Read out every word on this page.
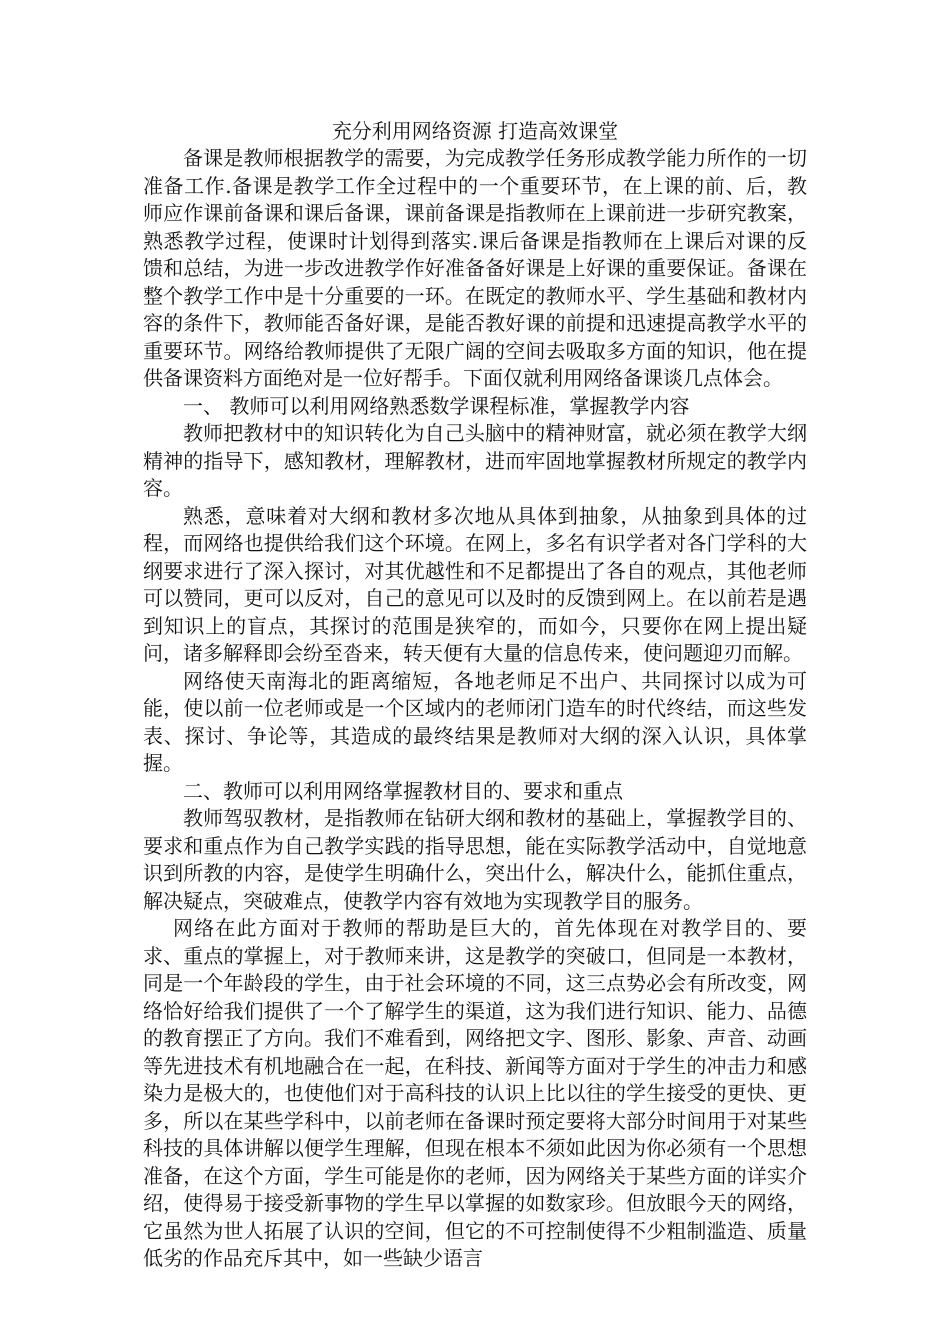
充分利用网络资源 打造高效课堂

备课是教师根据教学的需要，为完成教学任务形成教学能力所作的一切准备工作.备课是教学工作全过程中的一个重要环节，在上课的前、后，教师应作课前备课和课后备课，课前备课是指教师在上课前进一步研究教案，熟悉教学过程，使课时计划得到落实.课后备课是指教师在上课后对课的反馈和总结，为进一步改进教学作好准备备好课是上好课的重要保证。备课在整个教学工作中是十分重要的一环。在既定的教师水平、学生基础和教材内容的条件下，教师能否备好课，是能否教好课的前提和迅速提高教学水平的重要环节。网络给教师提供了无限广阔的空间去吸取多方面的知识，他在提供备课资料方面绝对是一位好帮手。下面仅就利用网络备课谈几点体会。

一、 教师可以利用网络熟悉数学课程标准，掌握教学内容

教师把教材中的知识转化为自己头脑中的精神财富，就必须在教学大纲精神的指导下，感知教材，理解教材，进而牢固地掌握教材所规定的教学内容。

熟悉，意味着对大纲和教材多次地从具体到抽象，从抽象到具体的过程，而网络也提供给我们这个环境。在网上，多名有识学者对各门学科的大纲要求进行了深入探讨，对其优越性和不足都提出了各自的观点，其他老师可以赞同，更可以反对，自己的意见可以及时的反馈到网上。在以前若是遇到知识上的盲点，其探讨的范围是狭窄的，而如今，只要你在网上提出疑问，诸多解释即会纷至沓来，转天便有大量的信息传来，使问题迎刃而解。

网络使天南海北的距离缩短，各地老师足不出户、共同探讨以成为可能，使以前一位老师或是一个区域内的老师闭门造车的时代终结，而这些发表、探讨、争论等，其造成的最终结果是教师对大纲的深入认识，具体掌握。

二、教师可以利用网络掌握教材目的、要求和重点

教师驾驭教材，是指教师在钻研大纲和教材的基础上，掌握教学目的、要求和重点作为自己教学实践的指导思想，能在实际教学活动中，自觉地意识到所教的内容，是使学生明确什么，突出什么，解决什么，能抓住重点，解决疑点，突破难点，使教学内容有效地为实现教学目的服务。

网络在此方面对于教师的帮助是巨大的，首先体现在对教学目的、要求、重点的掌握上，对于教师来讲，这是教学的突破口，但同是一本教材，同是一个年龄段的学生，由于社会环境的不同，这三点势必会有所改变，网络恰好给我们提供了一个了解学生的渠道，这为我们进行知识、能力、品德的教育摆正了方向。我们不难看到，网络把文字、图形、影象、声音、动画等先进技术有机地融合在一起，在科技、新闻等方面对于学生的冲击力和感染力是极大的，也使他们对于高科技的认识上比以往的学生接受的更快、更多，所以在某些学科中，以前老师在备课时预定要将大部分时间用于对某些科技的具体讲解以便学生理解，但现在根本不须如此因为你必须有一个思想准备，在这个方面，学生可能是你的老师，因为网络关于某些方面的详实介绍，使得易于接受新事物的学生早以掌握的如数家珍。但放眼今天的网络，它虽然为世人拓展了认识的空间，但它的不可控制使得不少粗制滥造、质量低劣的作品充斥其中，如一些缺少语言
